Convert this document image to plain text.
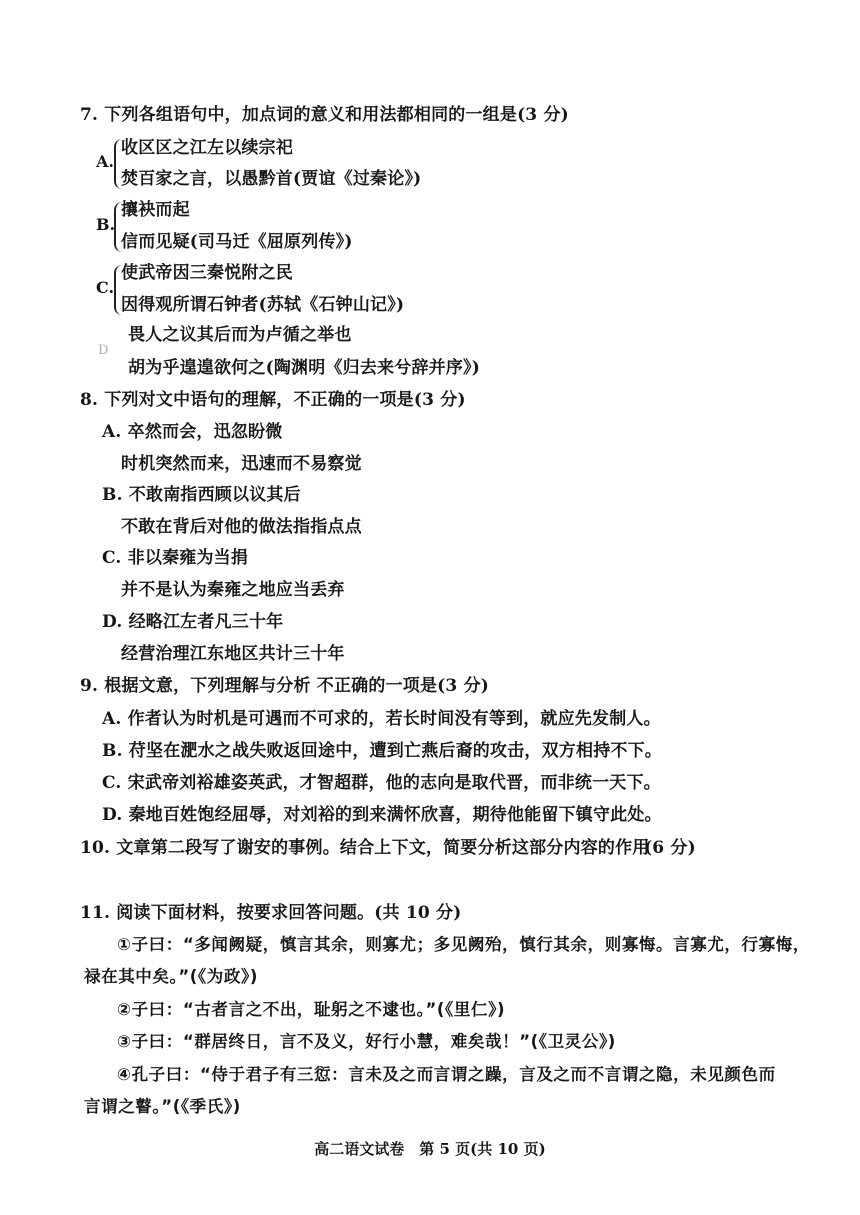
7. 下列各组语句中，加点词的意义和用法都相同的一组是(3 分)
A.
收区区之江左以续宗祀
焚百家之言，以愚黔首(贾谊《过秦论》)
B.
攘袂而起
信而见疑(司马迁《屈原列传》)
C.
使武帝因三秦悦附之民
因得观所谓石钟者(苏轼《石钟山记》)
D
畏人之议其后而为卢循之举也
胡为乎遑遑欲何之(陶渊明《归去来兮辞并序》)
8. 下列对文中语句的理解，不正确的一项是(3 分)
A. 卒然而会，迅忽盼微
时机突然而来，迅速而不易察觉
B. 不敢南指西顾以议其后
不敢在背后对他的做法指指点点
C. 非以秦雍为当捐
并不是认为秦雍之地应当丢弃
D. 经略江左者凡三十年
经营治理江东地区共计三十年
9. 根据文意，下列理解与分析 不正确的一项是(3 分)
A. 作者认为时机是可遇而不可求的，若长时间没有等到，就应先发制人。
B. 苻坚在淝水之战失败返回途中，遭到亡燕后裔的攻击，双方相持不下。
C. 宋武帝刘裕雄姿英武，才智超群，他的志向是取代晋，而非统一天下。
D. 秦地百姓饱经屈辱，对刘裕的到来满怀欣喜，期待他能留下镇守此处。
10. 文章第二段写了谢安的事例。结合上下文，简要分析这部分内容的作用
(6 分)
11. 阅读下面材料，按要求回答问题。(共 10 分)
①子曰：“多闻阙疑，慎言其余，则寡尤；多见阙殆，慎行其余，则寡悔。言寡尤，行寡悔，
禄在其中矣。”(《为政》)
②子曰：“古者言之不出，耻躬之不逮也。”(《里仁》)
③子曰：“群居终日，言不及义，好行小慧，难矣哉！”(《卫灵公》)
④孔子曰：“侍于君子有三愆：言未及之而言谓之躁，言及之而不言谓之隐，未见颜色而
言谓之瞽。”(《季氏》)
高二语文试卷　第 5 页(共 10 页)
